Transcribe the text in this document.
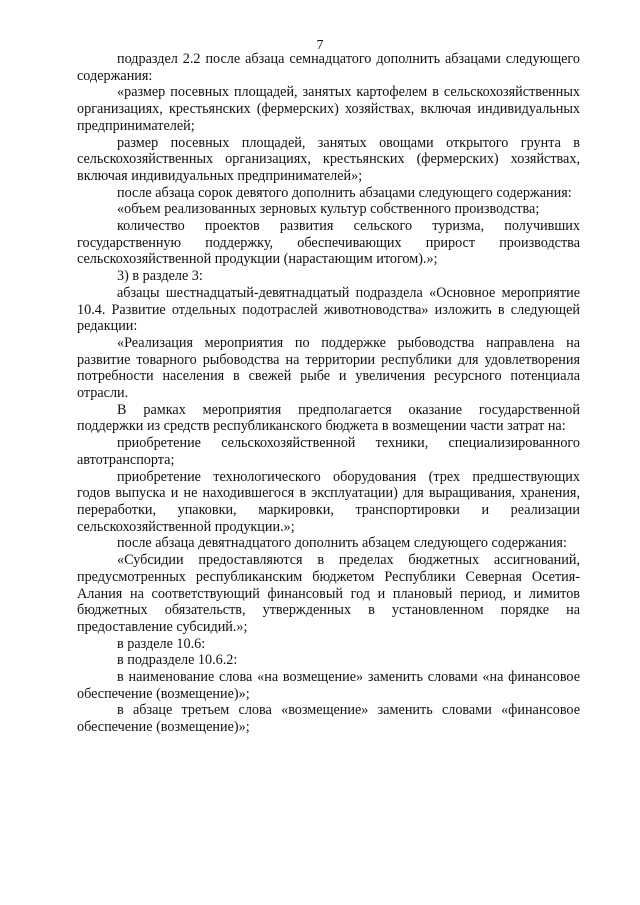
7

подраздел 2.2 после абзаца семнадцатого дополнить абзацами следующего содержания:

«размер посевных площадей, занятых картофелем в сельскохозяйственных организациях, крестьянских (фермерских) хозяйствах, включая индивидуальных предпринимателей;

размер посевных площадей, занятых овощами открытого грунта в сельскохозяйственных организациях, крестьянских (фермерских) хозяйствах, включая индивидуальных предпринимателей»;

после абзаца сорок девятого дополнить абзацами следующего содержания:

«объем реализованных зерновых культур собственного производства;

количество проектов развития сельского туризма, получивших государственную поддержку, обеспечивающих прирост производства сельскохозяйственной продукции (нарастающим итогом).»;

3) в разделе 3:

абзацы шестнадцатый-девятнадцатый подраздела «Основное мероприятие 10.4. Развитие отдельных подотраслей животноводства» изложить в следующей редакции:

«Реализация мероприятия по поддержке рыбоводства направлена на развитие товарного рыбоводства на территории республики для удовлетворения потребности населения в свежей рыбе и увеличения ресурсного потенциала отрасли.

В рамках мероприятия предполагается оказание государственной поддержки из средств республиканского бюджета в возмещении части затрат на:

приобретение сельскохозяйственной техники, специализированного автотранспорта;

приобретение технологического оборудования (трех предшествующих годов выпуска и не находившегося в эксплуатации) для выращивания, хранения, переработки, упаковки, маркировки, транспортировки и реализации сельскохозяйственной продукции.»;

после абзаца девятнадцатого дополнить абзацем следующего содержания:

«Субсидии предоставляются в пределах бюджетных ассигнований, предусмотренных республиканским бюджетом Республики Северная Осетия-Алания на соответствующий финансовый год и плановый период, и лимитов бюджетных обязательств, утвержденных в установленном порядке на предоставление субсидий.»;

в разделе 10.6:

в подразделе 10.6.2:

в наименование слова «на возмещение» заменить словами «на финансовое обеспечение (возмещение)»;

в абзаце третьем слова «возмещение» заменить словами «финансовое обеспечение (возмещение)»;
